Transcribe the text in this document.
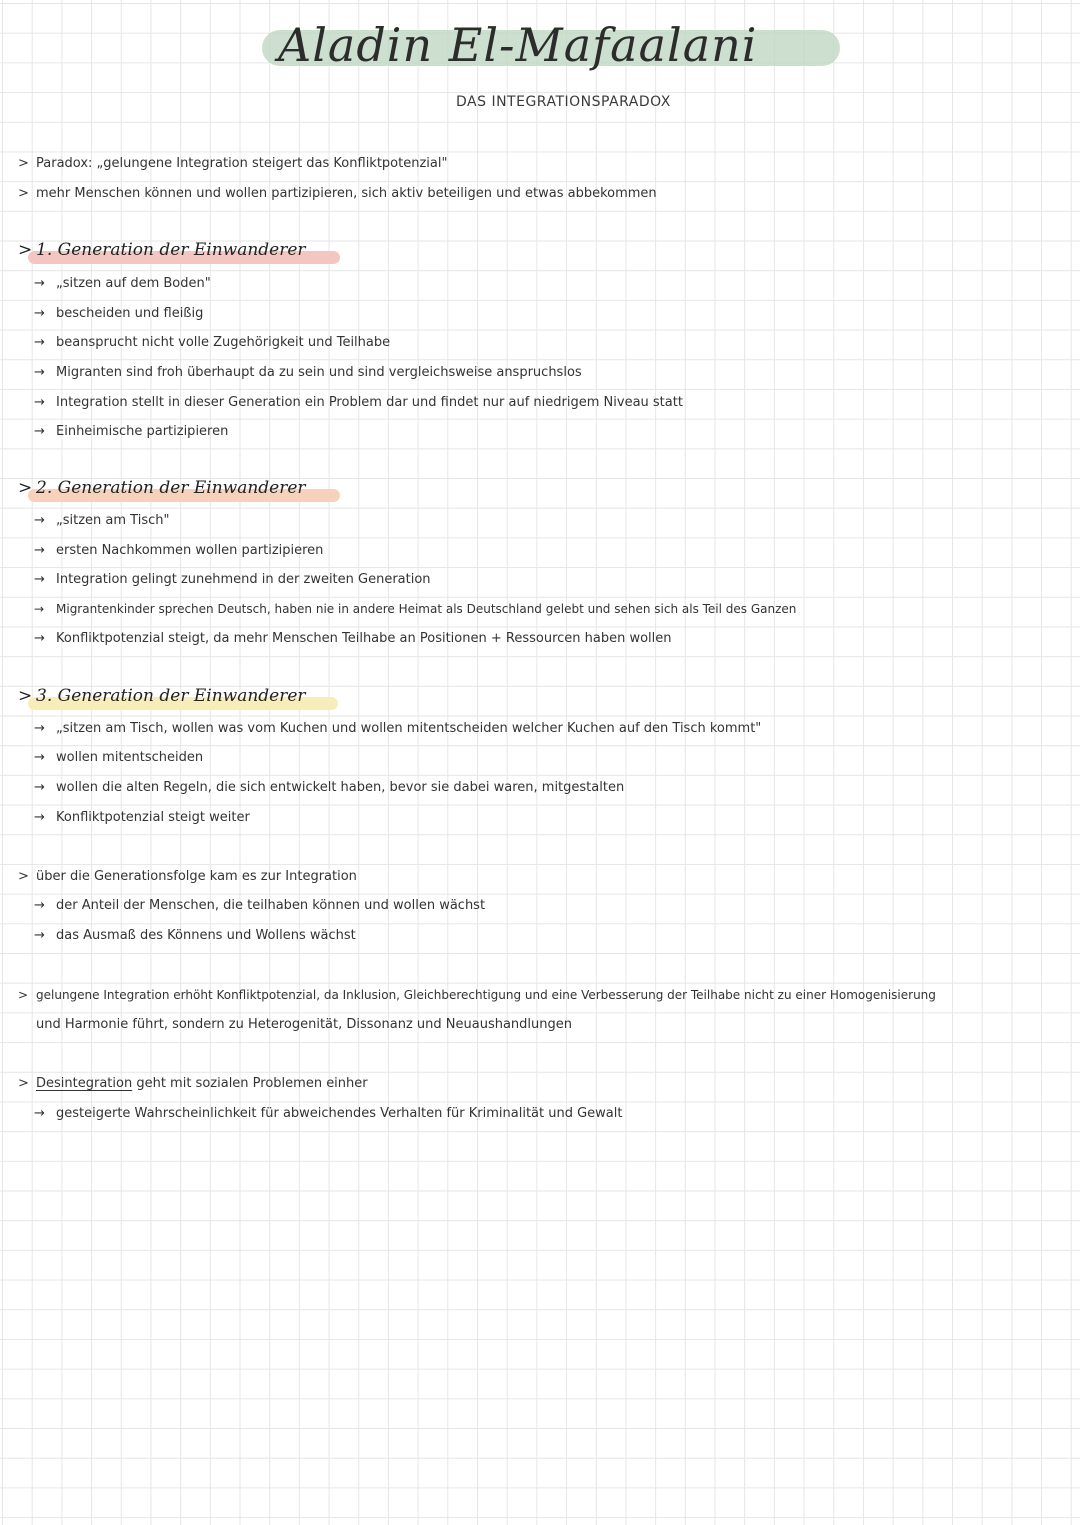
Aladin El-Mafaalani
DAS INTEGRATIONSPARADOX
> Paradox: „gelungene Integration steigert das Konfliktpotenzial"
> mehr Menschen können und wollen partizipieren, sich aktiv beteiligen und etwas abbekommen
> 1. Generation der Einwanderer
→ „sitzen auf dem Boden"
→ bescheiden und fleißig
→ beansprucht nicht volle Zugehörigkeit und Teilhabe
→ Migranten sind froh überhaupt da zu sein und sind vergleichsweise anspruchslos
→ Integration stellt in dieser Generation ein Problem dar und findet nur auf niedrigem Niveau statt
→ Einheimische partizipieren
> 2. Generation der Einwanderer
→ „sitzen am Tisch"
→ ersten Nachkommen wollen partizipieren
→ Integration gelingt zunehmend in der zweiten Generation
→ Migrantenkinder sprechen Deutsch, haben nie in andere Heimat als Deutschland gelebt und sehen sich als Teil des Ganzen
→ Konfliktpotenzial steigt, da mehr Menschen Teilhabe an Positionen + Ressourcen haben wollen
> 3. Generation der Einwanderer
→ „sitzen am Tisch, wollen was vom Kuchen und wollen mitentscheiden welcher Kuchen auf den Tisch kommt"
→ wollen mitentscheiden
→ wollen die alten Regeln, die sich entwickelt haben, bevor sie dabei waren, mitgestalten
→ Konfliktpotenzial steigt weiter
> über die Generationsfolge kam es zur Integration
→ der Anteil der Menschen, die teilhaben können und wollen wächst
→ das Ausmaß des Könnens und Wollens wächst
> gelungene Integration erhöht Konfliktpotenzial, da Inklusion, Gleichberechtigung und eine Verbesserung der Teilhabe nicht zu einer Homogenisierung
und Harmonie führt, sondern zu Heterogenität, Dissonanz und Neuaushandlungen
> Desintegration geht mit sozialen Problemen einher
→ gesteigerte Wahrscheinlichkeit für abweichendes Verhalten für Kriminalität und Gewalt
